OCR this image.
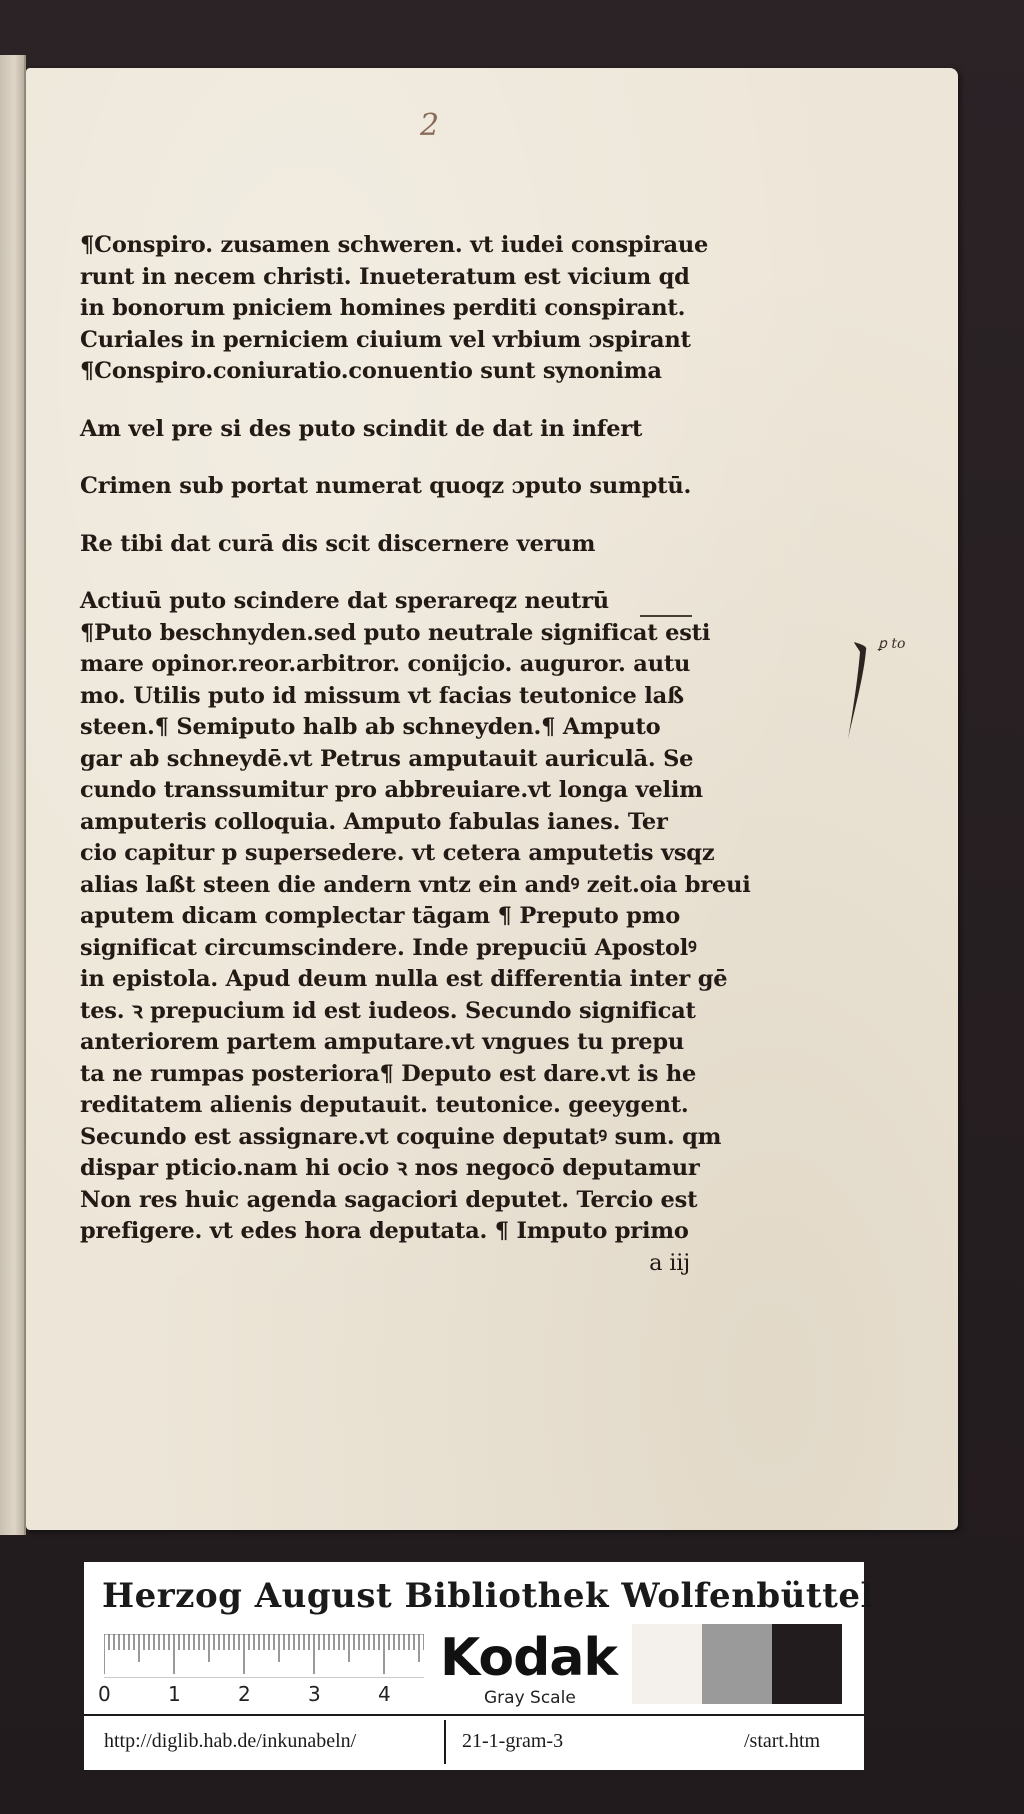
2
¶Conspiro. zusamen schweren. vt iudei conspiraue
runt in necem christi. Inueteratum est vicium qd
in bonorum pniciem homines perditi conspirant.
Curiales in perniciem ciuium vel vrbium ɔspirant
¶Conspiro.coniuratio.conuentio sunt synonima
Am vel pre si des puto scindit de dat in infert
Crimen sub portat numerat quoqz ɔputo sumptū.
Re tibi dat curā dis scit discernere verum
Actiuū puto scindere dat sperareqz neutrū
¶Puto beschnyden.sed puto neutrale significat esti
mare opinor.reor.arbitror. conijcio. auguror. autu
mo. Utilis puto id missum vt facias teutonice laß
steen.¶ Semiputo halb ab schneyden.¶ Amputo
gar ab schneydē.vt Petrus amputauit auriculā. Se
cundo transsumitur pro abbreuiare.vt longa velim
amputeris colloquia. Amputo fabulas ianes. Ter
cio capitur p supersedere. vt cetera amputetis vsqz
alias laßt steen die andern vntz ein andꝰ zeit.oia breui
aputem dicam complectar tāgam ¶ Preputo pmo
significat circumscindere. Inde prepuciū Apostolꝰ
in epistola. Apud deum nulla est differentia inter gē
tes. ꝛ prepucium id est iudeos. Secundo significat
anteriorem partem amputare.vt vngues tu prepu
ta ne rumpas posteriora¶ Deputo est dare.vt is he
reditatem alienis deputauit. teutonice. geeygent.
Secundo est assignare.vt coquine deputatꝰ sum. qm
dispar pticio.nam hi ocio ꝛ nos negocō deputamur
Non res huic agenda sagaciori deputet. Tercio est
prefigere. vt edes hora deputata. ¶ Imputo primo
a iij
ꝑ to
Herzog August Bibliothek Wolfenbüttel
0	1	2	3	4
Kodak
Gray Scale
http://diglib.hab.de/inkunabeln/	21-1-gram-3	/start.htm
